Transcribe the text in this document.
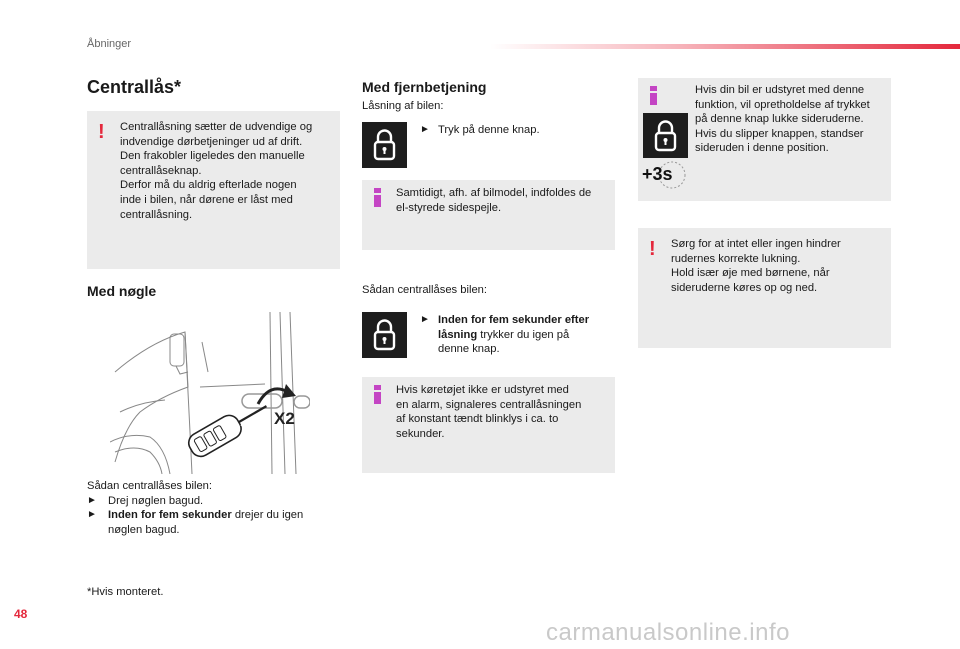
Åbninger
Centrallås*
! Centrallåsning sætter de udvendige og
indvendige dørbetjeninger ud af drift.
Den frakobler ligeledes den manuelle
centrallåseknap.
Derfor må du aldrig efterlade nogen
inde i bilen, når dørene er låst med
centrallåsning.
Med nøgle
X2
Sådan centrallåses bilen:
► Drej nøglen bagud.
► Inden for fem sekunder drejer du igen
nøglen bagud.
*Hvis monteret.
Med fjernbetjening
Låsning af bilen:
► Tryk på denne knap.
Samtidigt, afh. af bilmodel, indfoldes de
el-styrede sidespejle.
Sådan centrallåses bilen:
► Inden for fem sekunder efter
låsning trykker du igen på
denne knap.
Hvis køretøjet ikke er udstyret med
en alarm, signaleres centrallåsningen
af konstant tændt blinklys i ca. to
sekunder.
+3s
Hvis din bil er udstyret med denne
funktion, vil opretholdelse af trykket
på denne knap lukke sideruderne.
Hvis du slipper knappen, standser
sideruden i denne position.
! Sørg for at intet eller ingen hindrer
rudernes korrekte lukning.
Hold især øje med børnene, når
sideruderne køres op og ned.
48
carmanualsonline.info
